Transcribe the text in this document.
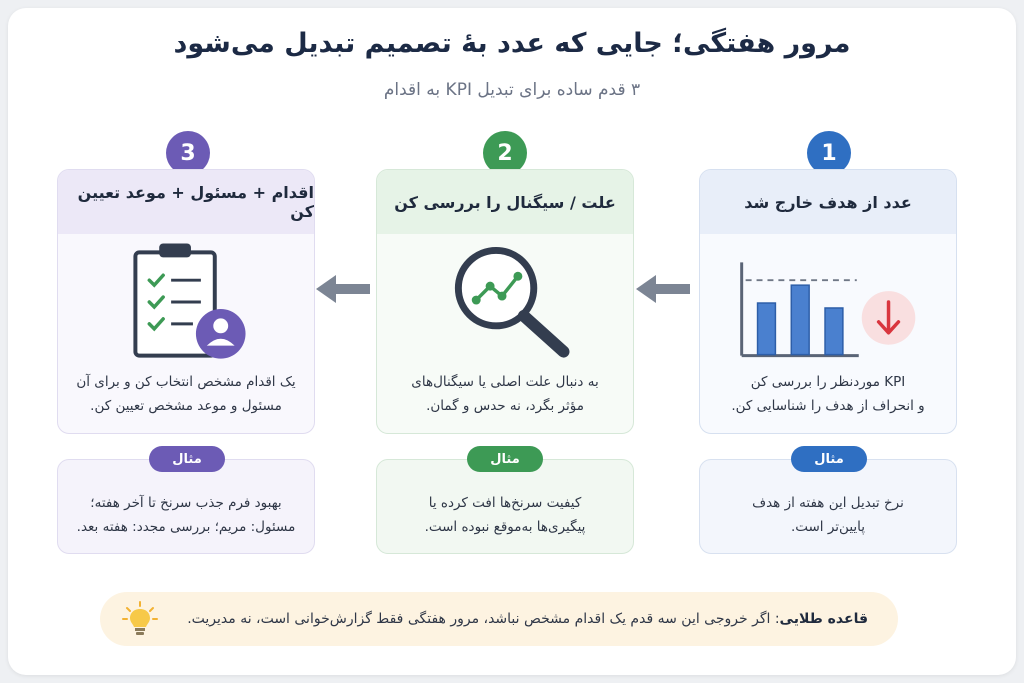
مرور هفتگی؛ جایی که عدد بهٔ تصمیم تبدیل می‌شود
۳ قدم ساده برای تبدیل KPI به اقدام
1
عدد از هدف خارج شد
KPI موردنظر را بررسی کن
و انحراف از هدف را شناسایی کن.
نرخ تبدیل این هفته از هدف
پایین‌تر است.
مثال
2
علت / سیگنال را بررسی کن
به دنبال علت اصلی یا سیگنال‌های
مؤثر بگرد، نه حدس و گمان.
کیفیت سرنخ‌ها افت کرده یا
پیگیری‌ها به‌موقع نبوده است.
مثال
3
اقدام + مسئول + موعد تعیین کن
یک اقدام مشخص انتخاب کن و برای آن
مسئول و موعد مشخص تعیین کن.
بهبود فرم جذب سرنخ تا آخر هفته؛
مسئول: مریم؛ بررسی مجدد: هفته بعد.
مثال
قاعده طلایی
: اگر خروجی این سه قدم یک اقدام مشخص نباشد، مرور هفتگی فقط گزارش‌خوانی است، نه مدیریت.
